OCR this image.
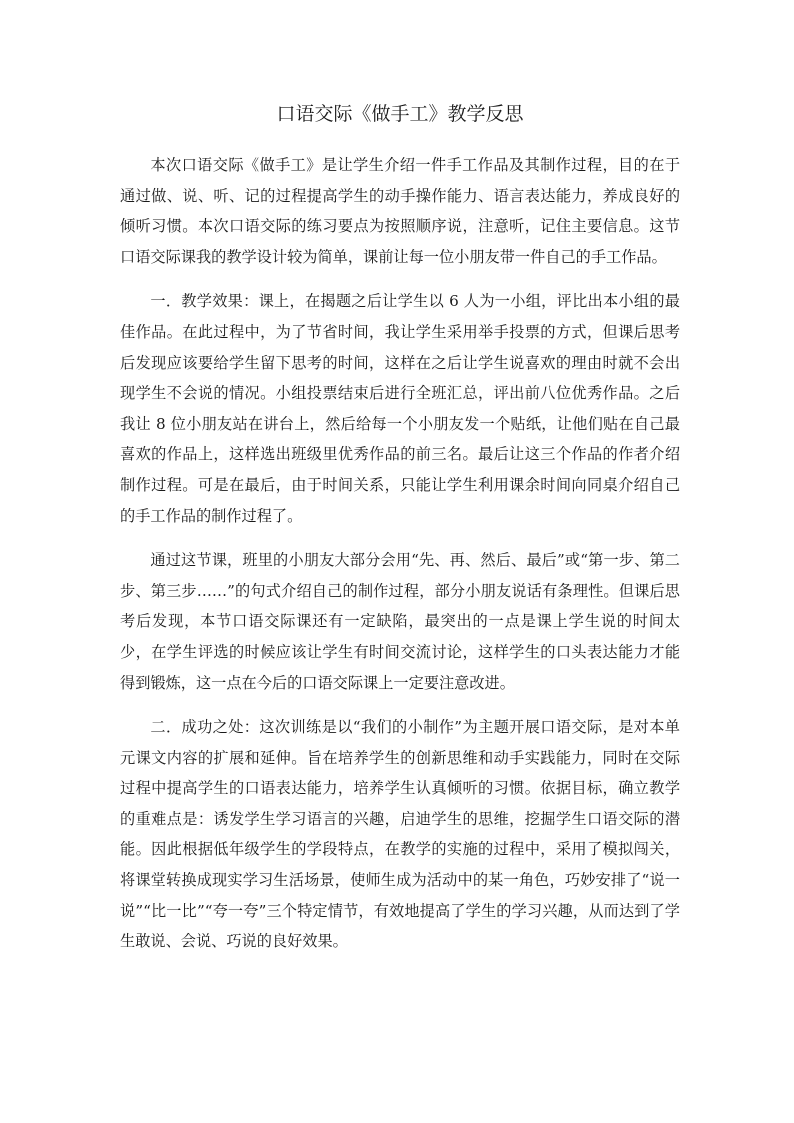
口语交际《做手工》教学反思

本次口语交际《做手工》是让学生介绍一件手工作品及其制作过程，目的在于通过做、说、听、记的过程提高学生的动手操作能力、语言表达能力，养成良好的倾听习惯。本次口语交际的练习要点为按照顺序说，注意听，记住主要信息。这节口语交际课我的教学设计较为简单，课前让每一位小朋友带一件自己的手工作品。

一．教学效果：课上，在揭题之后让学生以 6 人为一小组，评比出本小组的最佳作品。在此过程中，为了节省时间，我让学生采用举手投票的方式，但课后思考后发现应该要给学生留下思考的时间，这样在之后让学生说喜欢的理由时就不会出现学生不会说的情况。小组投票结束后进行全班汇总，评出前八位优秀作品。之后我让 8 位小朋友站在讲台上，然后给每一个小朋友发一个贴纸，让他们贴在自己最喜欢的作品上，这样选出班级里优秀作品的前三名。最后让这三个作品的作者介绍制作过程。可是在最后，由于时间关系，只能让学生利用课余时间向同桌介绍自己的手工作品的制作过程了。

通过这节课，班里的小朋友大部分会用“先、再、然后、最后”或“第一步、第二步、第三步……”的句式介绍自己的制作过程，部分小朋友说话有条理性。但课后思考后发现，本节口语交际课还有一定缺陷，最突出的一点是课上学生说的时间太少，在学生评选的时候应该让学生有时间交流讨论，这样学生的口头表达能力才能得到锻炼，这一点在今后的口语交际课上一定要注意改进。

二．成功之处：这次训练是以“我们的小制作”为主题开展口语交际，是对本单元课文内容的扩展和延伸。旨在培养学生的创新思维和动手实践能力，同时在交际过程中提高学生的口语表达能力，培养学生认真倾听的习惯。依据目标，确立教学的重难点是：诱发学生学习语言的兴趣，启迪学生的思维，挖掘学生口语交际的潜能。因此根据低年级学生的学段特点，在教学的实施的过程中，采用了模拟闯关，将课堂转换成现实学习生活场景，使师生成为活动中的某一角色，巧妙安排了“说一说”“比一比”“夸一夸”三个特定情节，有效地提高了学生的学习兴趣，从而达到了学生敢说、会说、巧说的良好效果。
